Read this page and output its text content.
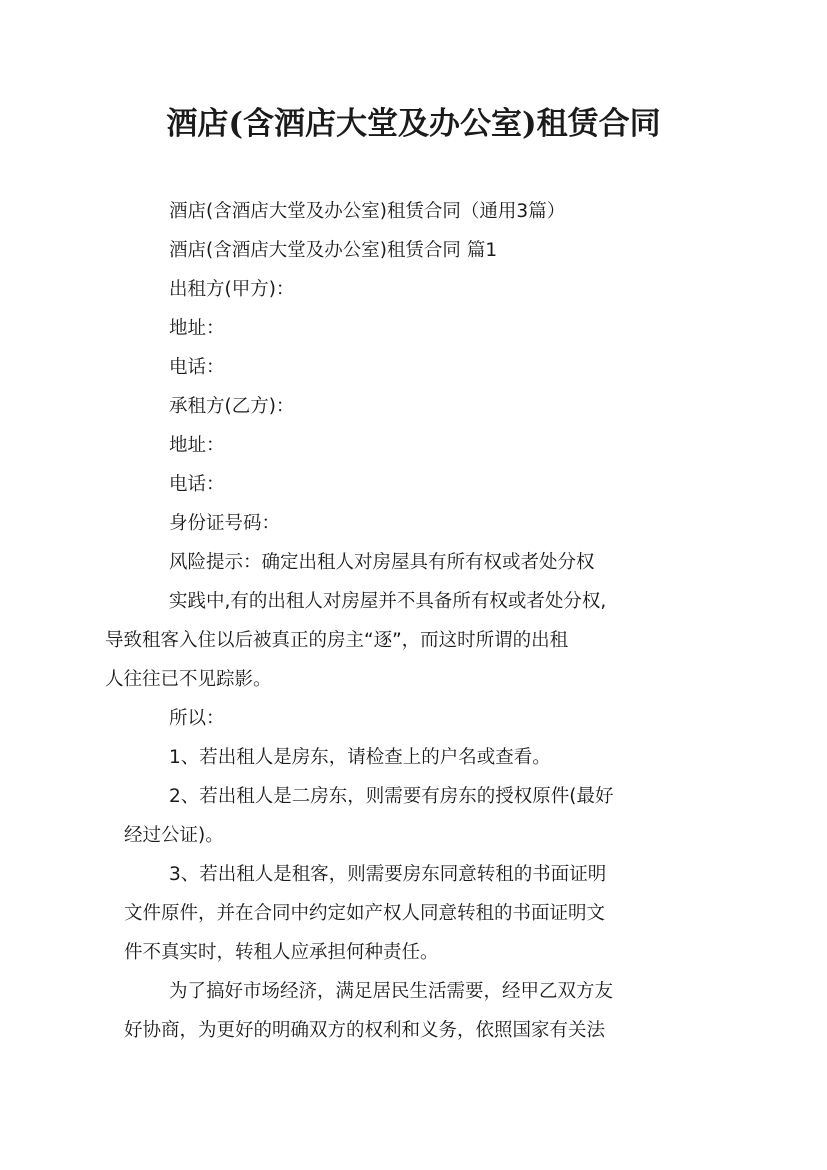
酒店(含酒店大堂及办公室)租赁合同
酒店(含酒店大堂及办公室)租赁合同（通用3篇）
酒店(含酒店大堂及办公室)租赁合同 篇1
出租方(甲方)：
地址：
电话：
承租方(乙方)：
地址：
电话：
身份证号码：
风险提示：确定出租人对房屋具有所有权或者处分权
实践中,有的出租人对房屋并不具备所有权或者处分权,
导致租客入住以后被真正的房主“逐”，而这时所谓的出租
人往往已不见踪影。
所以：
1、若出租人是房东，请检查上的户名或查看。
2、若出租人是二房东，则需要有房东的授权原件(最好
经过公证)。
3、若出租人是租客，则需要房东同意转租的书面证明
文件原件，并在合同中约定如产权人同意转租的书面证明文
件不真实时，转租人应承担何种责任。
为了搞好市场经济，满足居民生活需要，经甲乙双方友
好协商，为更好的明确双方的权利和义务，依照国家有关法
